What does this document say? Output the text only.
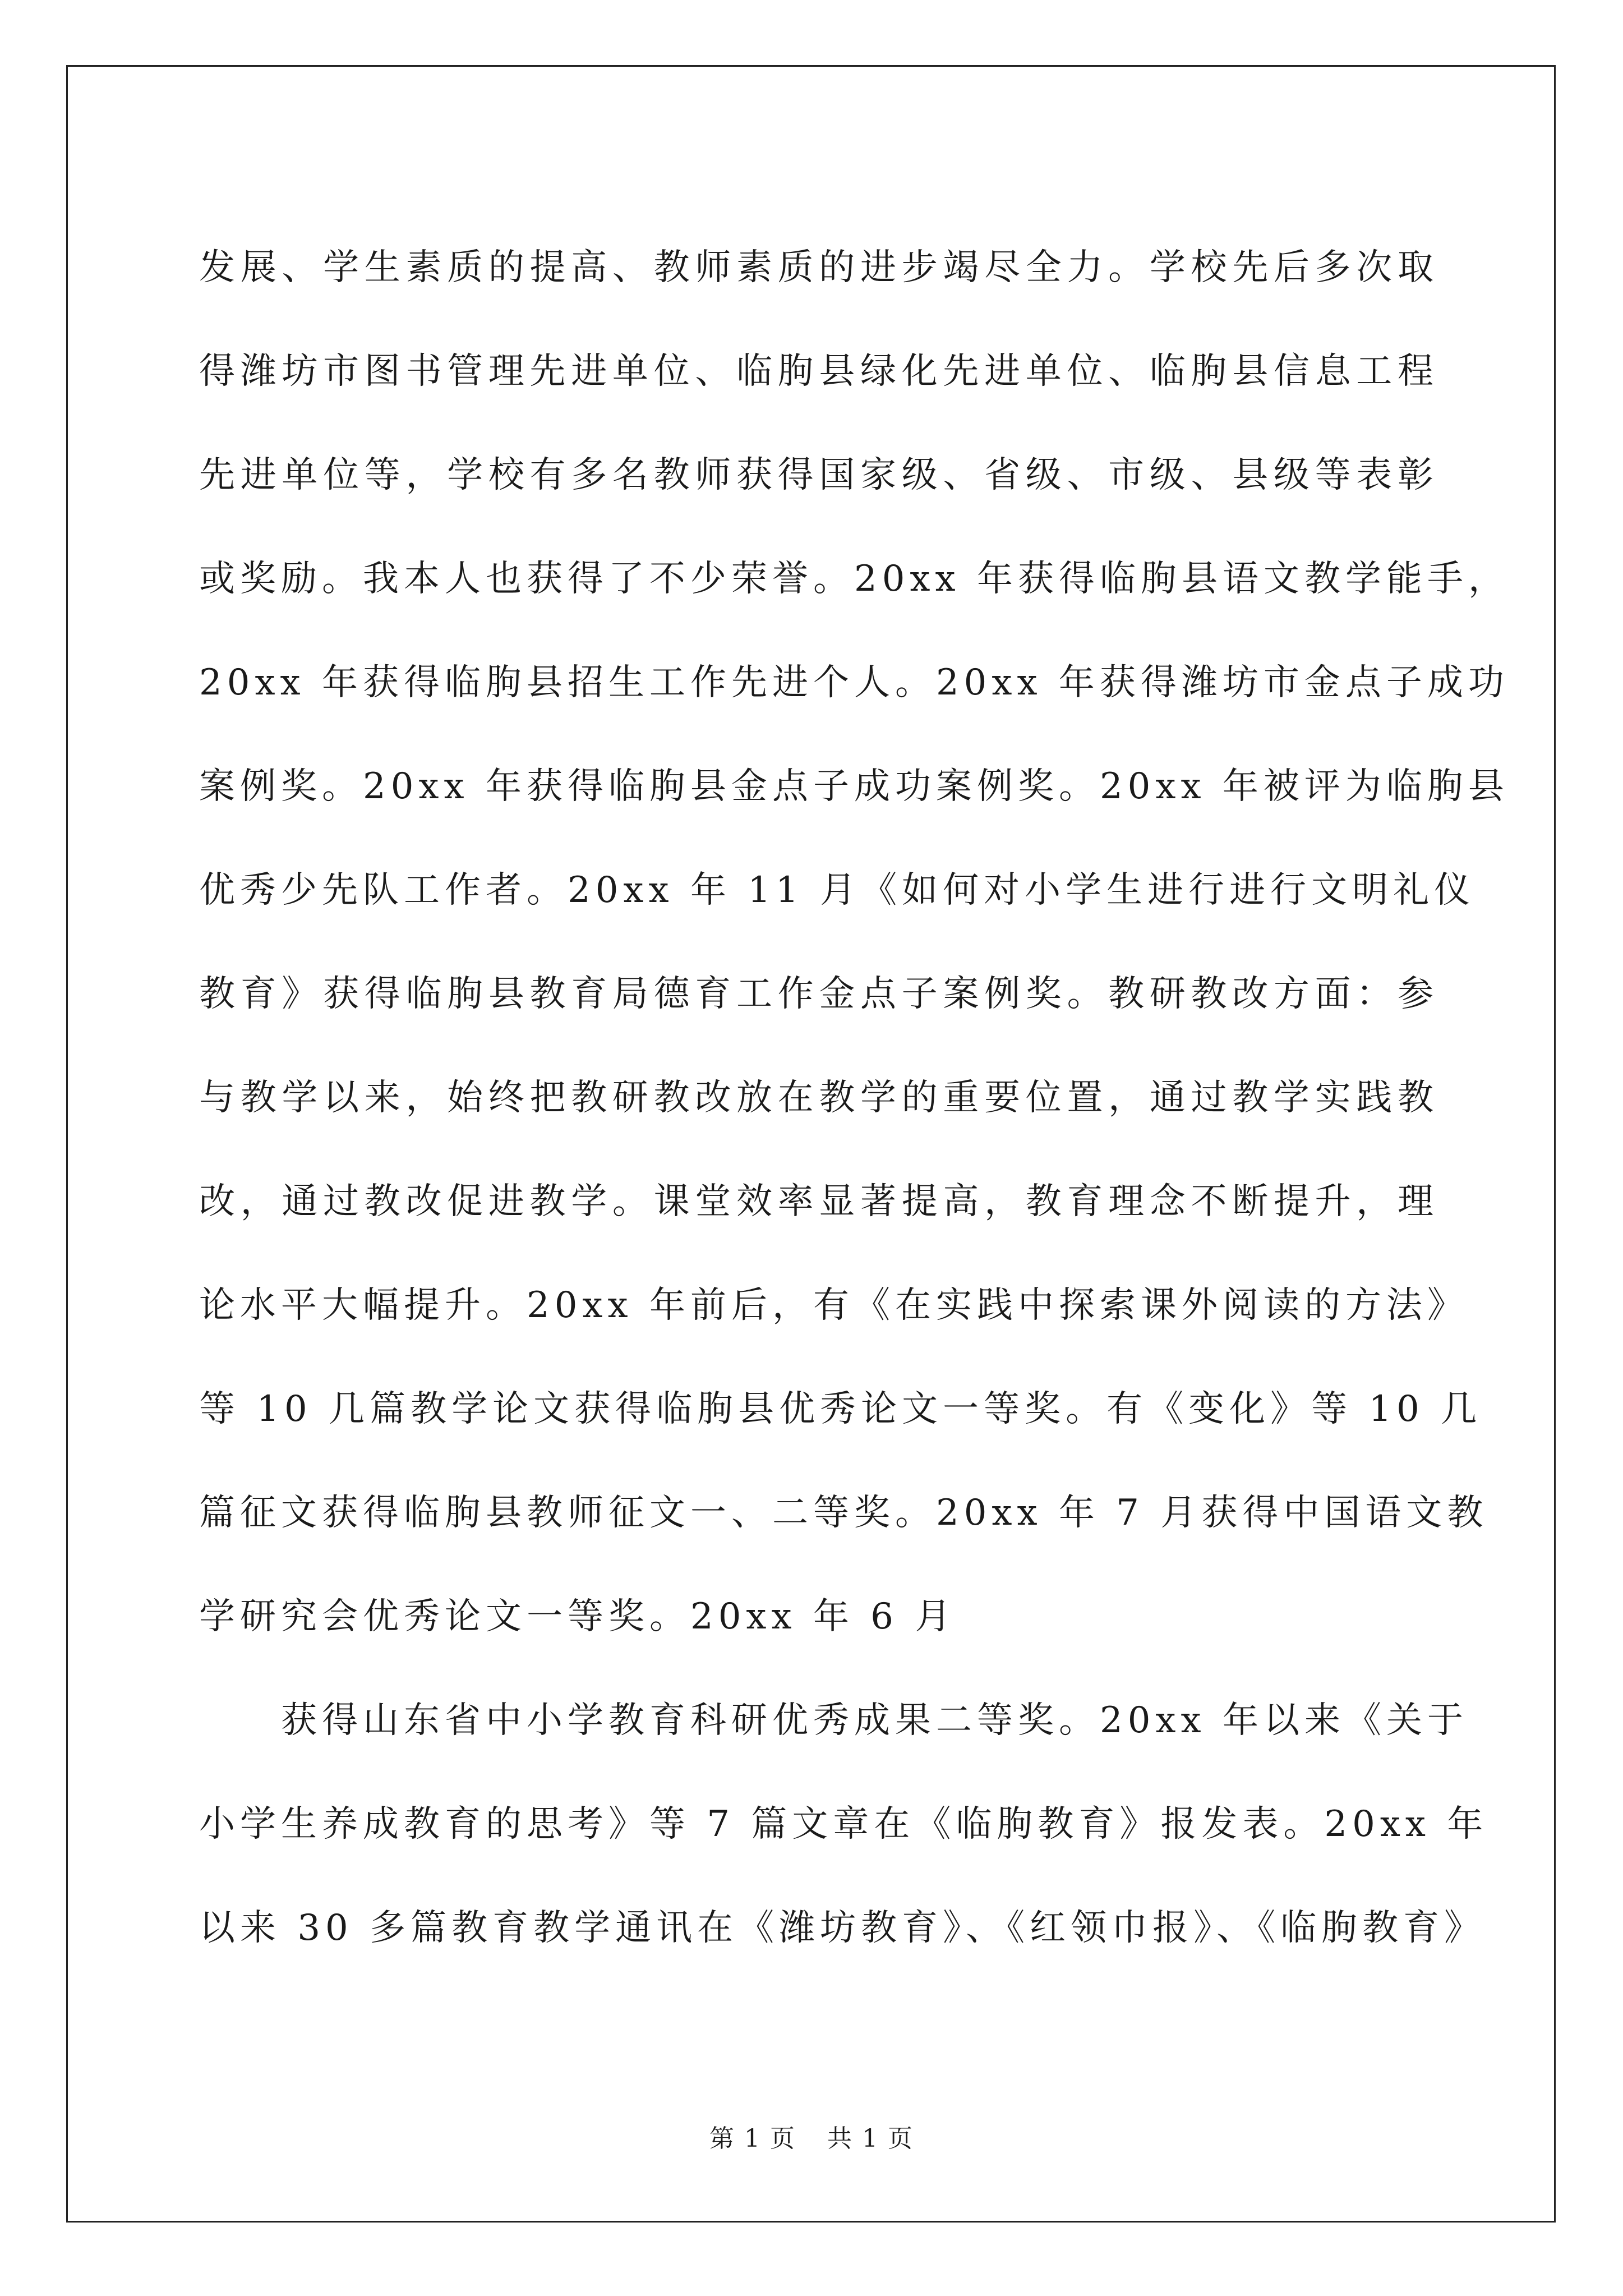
发展、学生素质的提高、教师素质的进步竭尽全力。学校先后多次取
得潍坊市图书管理先进单位、临朐县绿化先进单位、临朐县信息工程
先进单位等，学校有多名教师获得国家级、省级、市级、县级等表彰
或奖励。我本人也获得了不少荣誉。20xx 年获得临朐县语文教学能手，
20xx 年获得临朐县招生工作先进个人。20xx 年获得潍坊市金点子成功
案例奖。20xx 年获得临朐县金点子成功案例奖。20xx 年被评为临朐县
优秀少先队工作者。20xx 年 11 月《如何对小学生进行进行文明礼仪
教育》获得临朐县教育局德育工作金点子案例奖。教研教改方面：参
与教学以来，始终把教研教改放在教学的重要位置，通过教学实践教
改，通过教改促进教学。课堂效率显著提高，教育理念不断提升，理
论水平大幅提升。20xx 年前后，有《在实践中探索课外阅读的方法》
等 10 几篇教学论文获得临朐县优秀论文一等奖。有《变化》等 10 几
篇征文获得临朐县教师征文一、二等奖。20xx 年 7 月获得中国语文教
学研究会优秀论文一等奖。20xx 年 6 月

获得山东省中小学教育科研优秀成果二等奖。20xx 年以来《关于
小学生养成教育的思考》等 7 篇文章在《临朐教育》报发表。20xx 年
以来 30 多篇教育教学通讯在《潍坊教育》、《红领巾报》、《临朐教育》

第 1 页 共 1 页
